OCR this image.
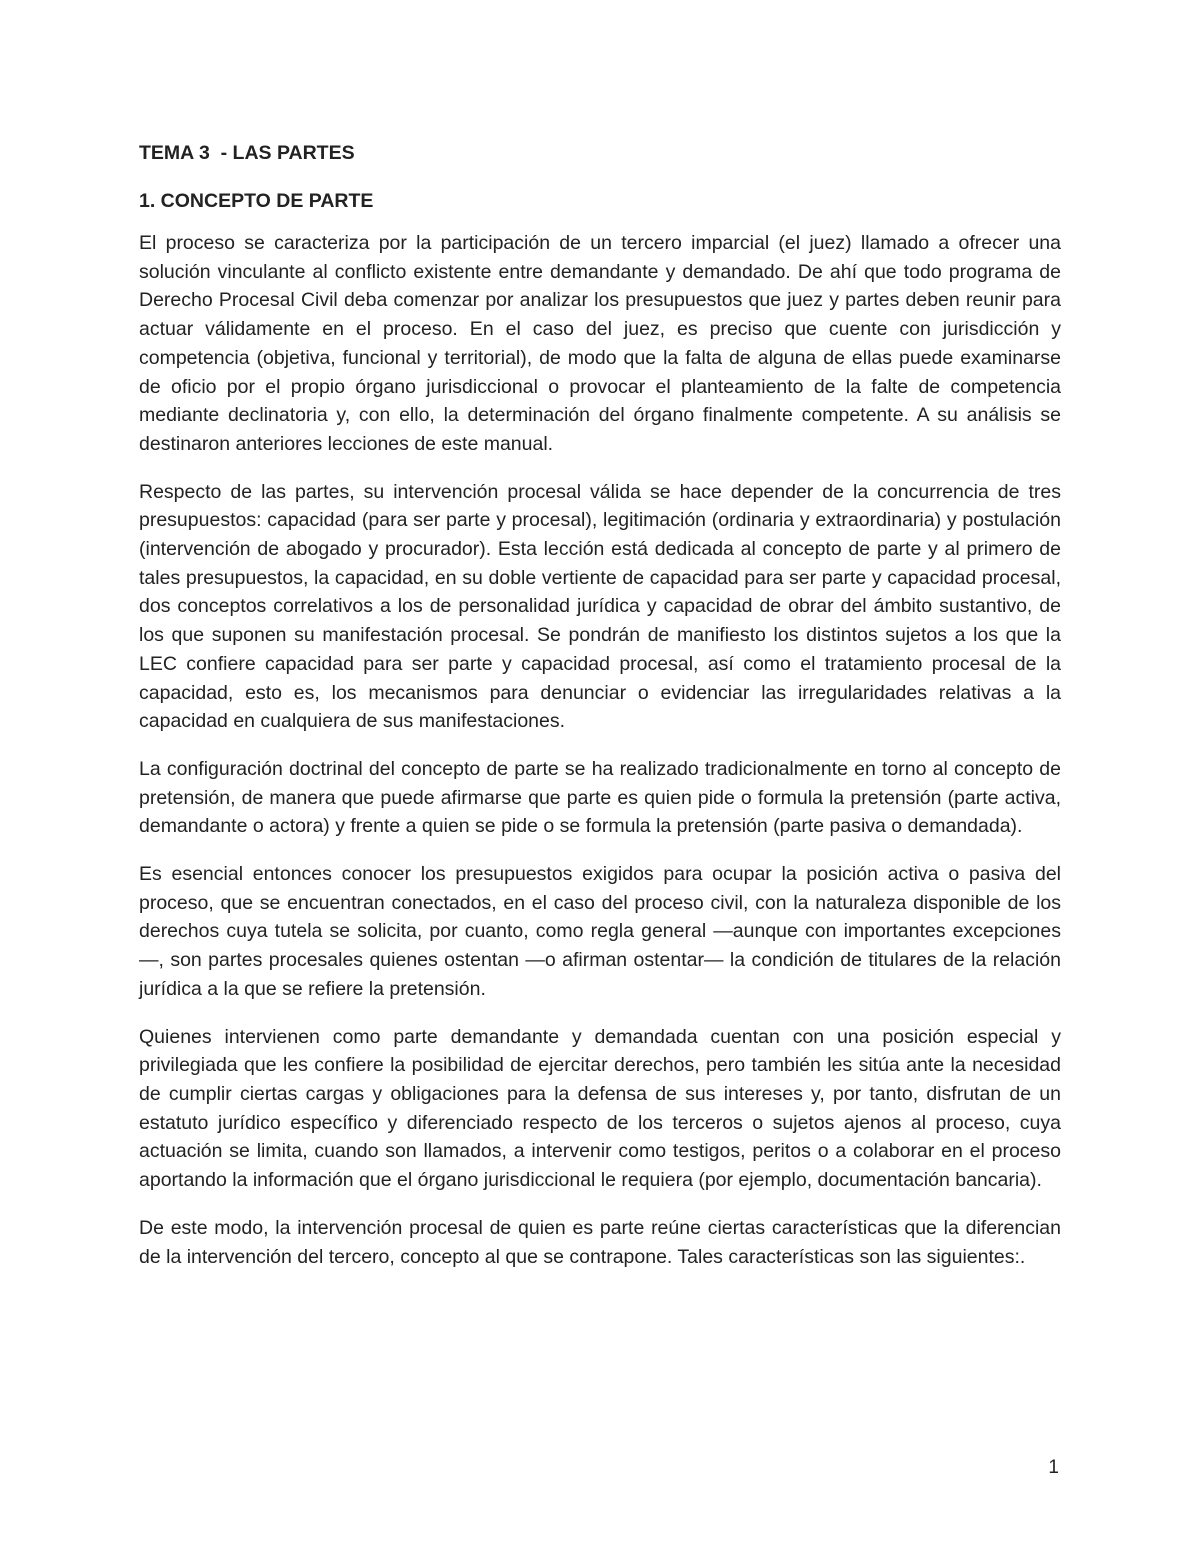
TEMA 3  - LAS PARTES
1. CONCEPTO DE PARTE

El proceso se caracteriza por la participación de un tercero imparcial (el juez) llamado a ofrecer una solución vinculante al conflicto existente entre demandante y demandado. De ahí que todo programa de Derecho Procesal Civil deba comenzar por analizar los presupuestos que juez y partes deben reunir para actuar válidamente en el proceso. En el caso del juez, es preciso que cuente con jurisdicción y competencia (objetiva, funcional y territorial), de modo que la falta de alguna de ellas puede examinarse de oficio por el propio órgano jurisdiccional o provocar el planteamiento de la falte de competencia mediante declinatoria y, con ello, la determinación del órgano finalmente competente. A su análisis se destinaron anteriores lecciones de este manual.

Respecto de las partes, su intervención procesal válida se hace depender de la concurrencia de tres presupuestos: capacidad (para ser parte y procesal), legitimación (ordinaria y extraordinaria) y postulación (intervención de abogado y procurador). Esta lección está dedicada al concepto de parte y al primero de tales presupuestos, la capacidad, en su doble vertiente de capacidad para ser parte y capacidad procesal, dos conceptos correlativos a los de personalidad jurídica y capacidad de obrar del ámbito sustantivo, de los que suponen su manifestación procesal. Se pondrán de manifiesto los distintos sujetos a los que la LEC confiere capacidad para ser parte y capacidad procesal, así como el tratamiento procesal de la capacidad, esto es, los mecanismos para denunciar o evidenciar las irregularidades relativas a la capacidad en cualquiera de sus manifestaciones.

La configuración doctrinal del concepto de parte se ha realizado tradicionalmente en torno al concepto de pretensión, de manera que puede afirmarse que parte es quien pide o formula la pretensión (parte activa, demandante o actora) y frente a quien se pide o se formula la pretensión (parte pasiva o demandada).

Es esencial entonces conocer los presupuestos exigidos para ocupar la posición activa o pasiva del proceso, que se encuentran conectados, en el caso del proceso civil, con la naturaleza disponible de los derechos cuya tutela se solicita, por cuanto, como regla general —aunque con importantes excepciones—, son partes procesales quienes ostentan —o afirman ostentar— la condición de titulares de la relación jurídica a la que se refiere la pretensión.

Quienes intervienen como parte demandante y demandada cuentan con una posición especial y privilegiada que les confiere la posibilidad de ejercitar derechos, pero también les sitúa ante la necesidad de cumplir ciertas cargas y obligaciones para la defensa de sus intereses y, por tanto, disfrutan de un estatuto jurídico específico y diferenciado respecto de los terceros o sujetos ajenos al proceso, cuya actuación se limita, cuando son llamados, a intervenir como testigos, peritos o a colaborar en el proceso aportando la información que el órgano jurisdiccional le requiera (por ejemplo, documentación bancaria).

De este modo, la intervención procesal de quien es parte reúne ciertas características que la diferencian de la intervención del tercero, concepto al que se contrapone. Tales características son las siguientes:.

1
